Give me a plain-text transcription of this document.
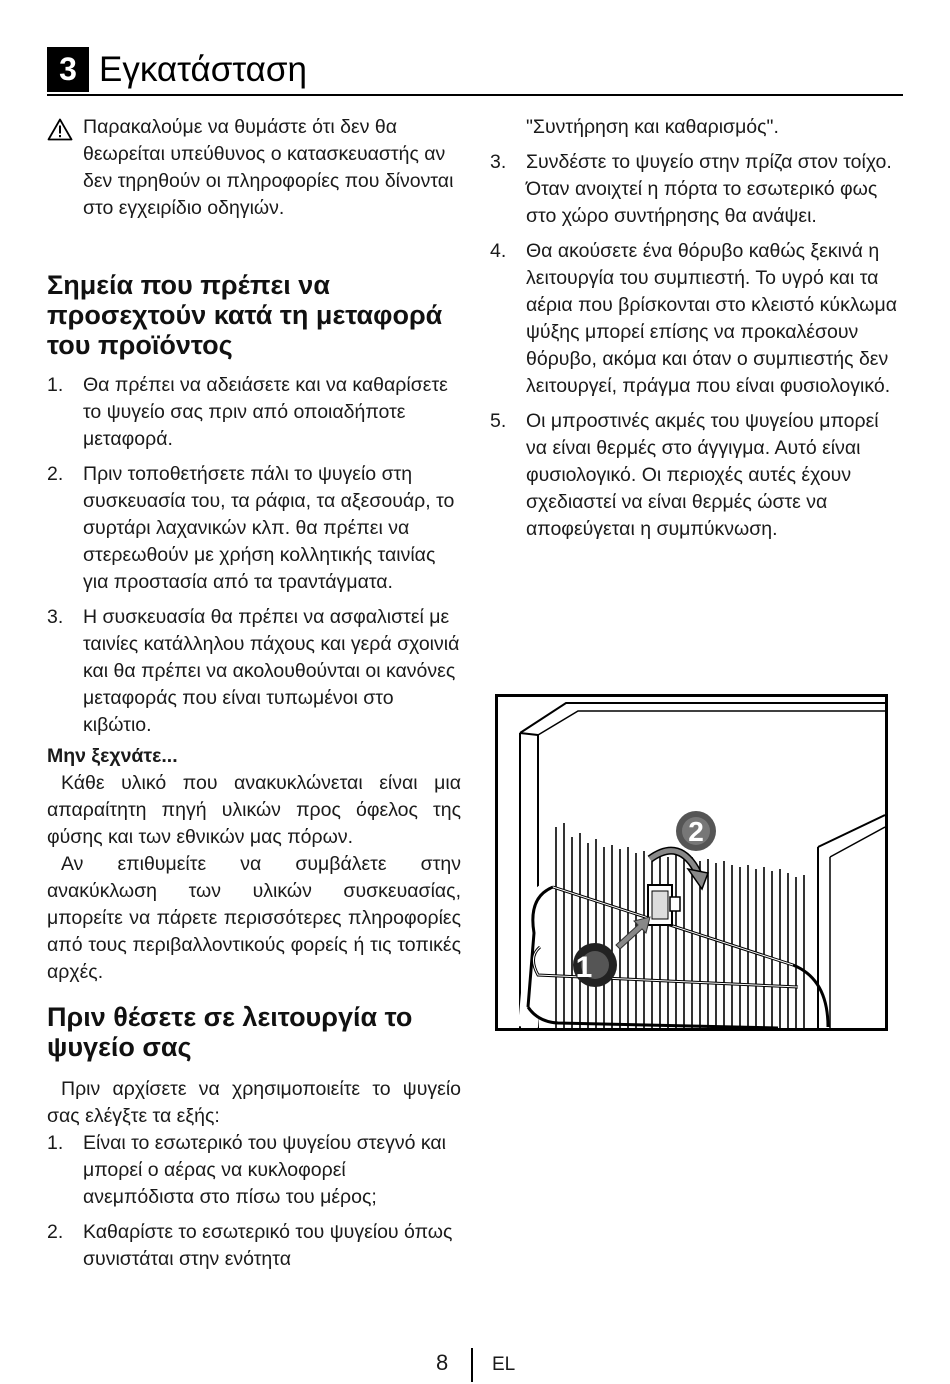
3 Εγκατάσταση

Παρακαλούμε να θυμάστε ότι δεν θα θεωρείται υπεύθυνος ο κατασκευαστής αν δεν τηρηθούν οι πληροφορίες που δίνονται στο εγχειρίδιο οδηγιών.

Σημεία που πρέπει να προσεχτούν κατά τη μεταφορά του προϊόντος
1. Θα πρέπει να αδειάσετε και να καθαρίσετε το ψυγείο σας πριν από οποιαδήποτε μεταφορά.
2. Πριν τοποθετήσετε πάλι το ψυγείο στη συσκευασία του, τα ράφια, τα αξεσουάρ, το συρτάρι λαχανικών κλπ. θα πρέπει να στερεωθούν με χρήση κολλητικής ταινίας για προστασία από τα τραντάγματα.
3. Η συσκευασία θα πρέπει να ασφαλιστεί με ταινίες κατάλληλου πάχους και γερά σχοινιά και θα πρέπει να ακολουθούνται οι κανόνες μεταφοράς που είναι τυπωμένοι στο κιβώτιο.

Μην ξεχνάτε...

Κάθε υλικό που ανακυκλώνεται είναι μια απαραίτητη πηγή υλικών προς όφελος της φύσης και των εθνικών μας πόρων.

Αν επιθυμείτε να συμβάλετε στην ανακύκλωση των υλικών συσκευασίας, μπορείτε να πάρετε περισσότερες πληροφορίες από τους περιβαλλοντικούς φορείς ή τις τοπικές αρχές.

Πριν θέσετε σε λειτουργία το ψυγείο σας

Πριν αρχίσετε να χρησιμοποιείτε το ψυγείο σας ελέγξτε τα εξής:

1. Είναι το εσωτερικό του ψυγείου στεγνό και μπορεί ο αέρας να κυκλοφορεί ανεμπόδιστα στο πίσω του μέρος;
2. Καθαρίστε το εσωτερικό του ψυγείου όπως συνιστάται στην ενότητα

"Συντήρηση και καθαρισμός".

3. Συνδέστε το ψυγείο στην πρίζα στον τοίχο. Όταν ανοιχτεί η πόρτα το εσωτερικό φως στο χώρο συντήρησης θα ανάψει.
4. Θα ακούσετε ένα θόρυβο καθώς ξεκινά η λειτουργία του συμπιεστή. Το υγρό και τα αέρια που βρίσκονται στο κλειστό κύκλωμα ψύξης μπορεί επίσης να προκαλέσουν θόρυβο, ακόμα και όταν ο συμπιεστής δεν λειτουργεί, πράγμα που είναι φυσιολογικό.
5. Οι μπροστινές ακμές του ψυγείου μπορεί να είναι θερμές στο άγγιγμα. Αυτό είναι φυσιολογικό. Οι περιοχές αυτές έχουν σχεδιαστεί να είναι θερμές ώστε να αποφεύγεται η συμπύκνωση.
2
1
8 EL
